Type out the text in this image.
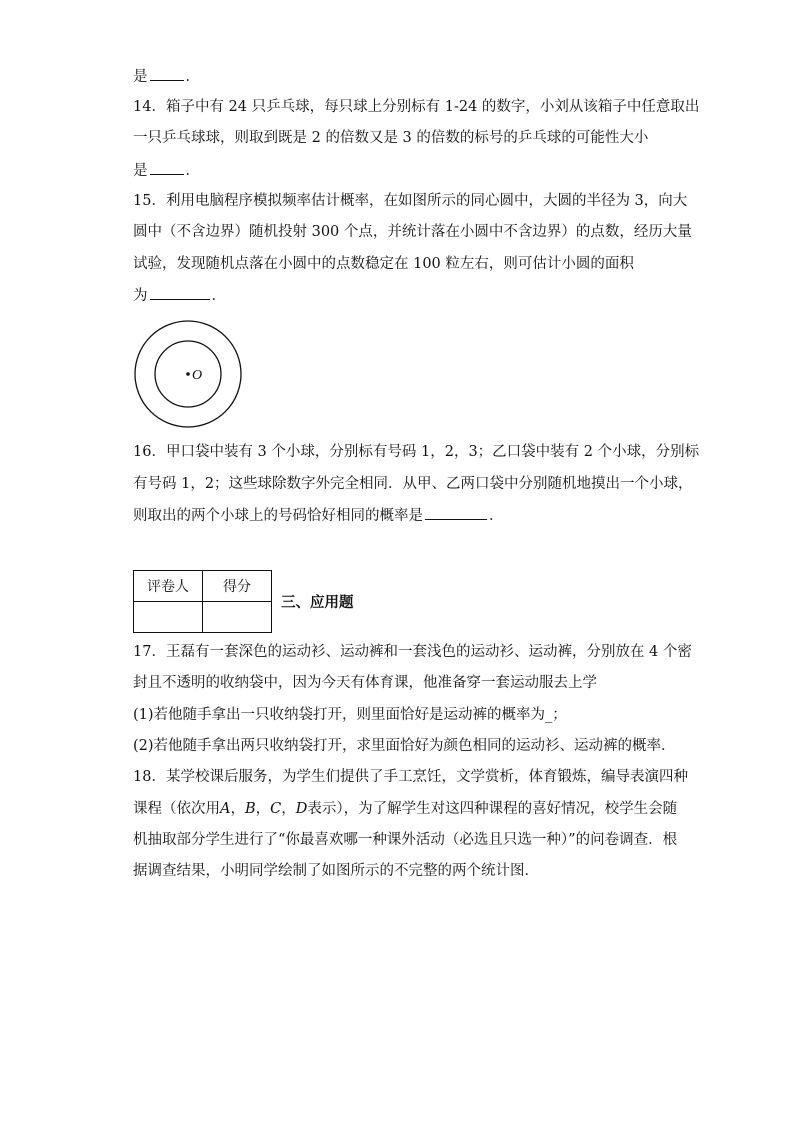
是	．
14．箱子中有 24 只乒乓球，每只球上分别标有 1-24 的数字，小刘从该箱子中任意取出
一只乒乓球球，则取到既是 2 的倍数又是 3 的倍数的标号的乒乓球的可能性大小
是	．
15．利用电脑程序模拟频率估计概率，在如图所示的同心圆中，大圆的半径为 3，向大
圆中（不含边界）随机投射 300 个点，并统计落在小圆中不含边界）的点数，经历大量
试验，发现随机点落在小圆中的点数稳定在 100 粒左右，则可估计小圆的面积
为	．
O
16．甲口袋中装有 3 个小球，分别标有号码 1，2，3；乙口袋中装有 2 个小球，分别标
有号码 1，2；这些球除数字外完全相同．从甲、乙两口袋中分别随机地摸出一个小球，
则取出的两个小球上的号码恰好相同的概率是	．
评卷人	得分

三、应用题
17．王磊有一套深色的运动衫、运动裤和一套浅色的运动衫、运动裤，分别放在 4 个密
封且不透明的收纳袋中，因为今天有体育课，他准备穿一套运动服去上学
(1)若他随手拿出一只收纳袋打开，则里面恰好是运动裤的概率为_；
(2)若他随手拿出两只收纳袋打开，求里面恰好为颜色相同的运动衫、运动裤的概率．
18．某学校课后服务，为学生们提供了手工烹饪，文学赏析，体育锻炼，编导表演四种
课程（依次用A，B，C，D表示），为了解学生对这四种课程的喜好情况，校学生会随
机抽取部分学生进行了“你最喜欢哪一种课外活动（必选且只选一种）”的问卷调查．根
据调查结果，小明同学绘制了如图所示的不完整的两个统计图．
